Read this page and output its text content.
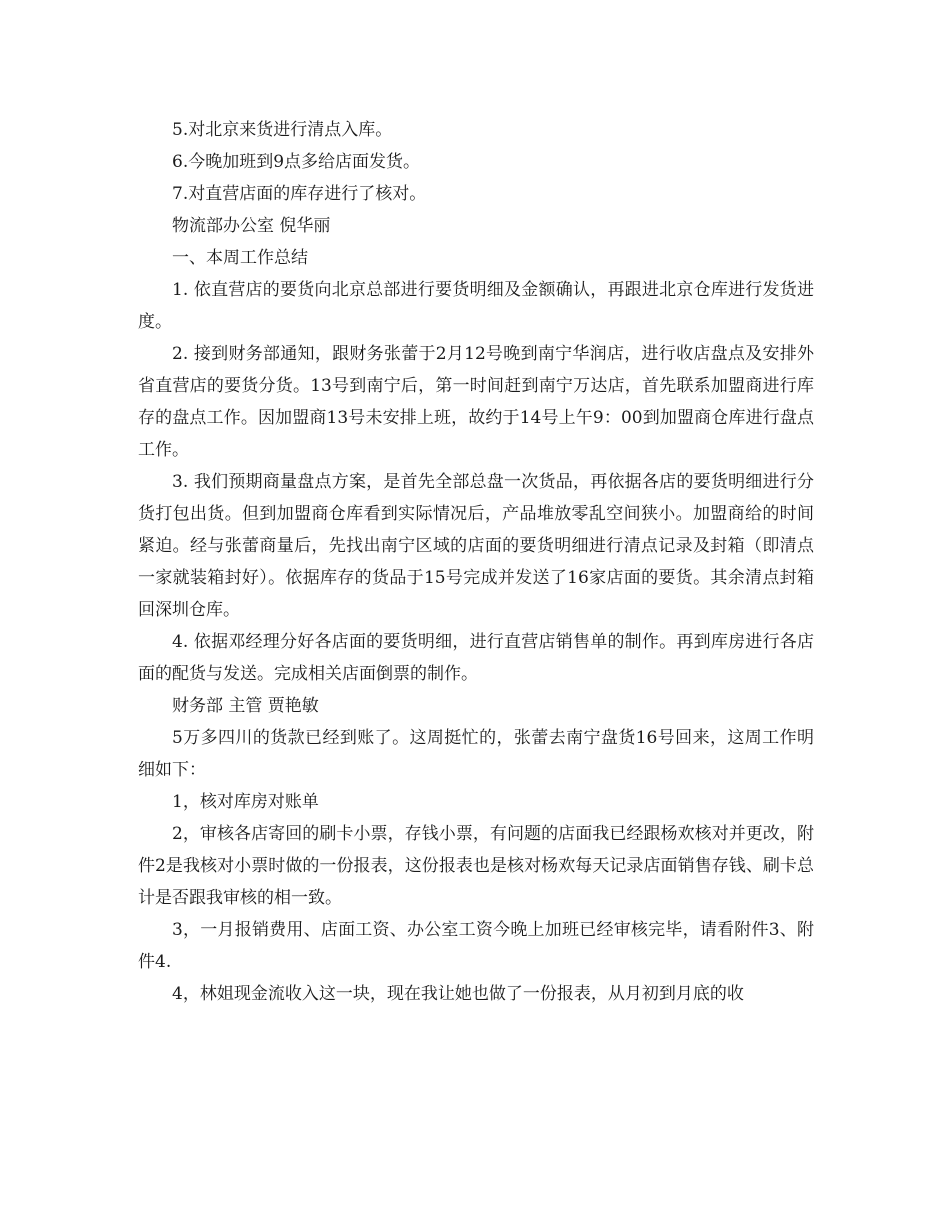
5.对北京来货进行清点入库。

6.今晚加班到9点多给店面发货。

7.对直营店面的库存进行了核对。

物流部办公室 倪华丽

一、本周工作总结

1. 依直营店的要货向北京总部进行要货明细及金额确认，再跟进北京仓库进行发货进度。

2. 接到财务部通知，跟财务张蕾于2月12号晚到南宁华润店，进行收店盘点及安排外省直营店的要货分货。13号到南宁后，第一时间赶到南宁万达店，首先联系加盟商进行库存的盘点工作。因加盟商13号未安排上班，故约于14号上午9：00到加盟商仓库进行盘点工作。

3. 我们预期商量盘点方案，是首先全部总盘一次货品，再依据各店的要货明细进行分货打包出货。但到加盟商仓库看到实际情况后，产品堆放零乱空间狭小。加盟商给的时间紧迫。经与张蕾商量后，先找出南宁区域的店面的要货明细进行清点记录及封箱（即清点一家就装箱封好）。依据库存的货品于15号完成并发送了16家店面的要货。其余清点封箱回深圳仓库。

4. 依据邓经理分好各店面的要货明细，进行直营店销售单的制作。再到库房进行各店面的配货与发送。完成相关店面倒票的制作。

财务部 主管 贾艳敏

5万多四川的货款已经到账了。这周挺忙的，张蕾去南宁盘货16号回来，这周工作明细如下：

1，核对库房对账单

2，审核各店寄回的刷卡小票，存钱小票，有问题的店面我已经跟杨欢核对并更改，附件2是我核对小票时做的一份报表，这份报表也是核对杨欢每天记录店面销售存钱、刷卡总计是否跟我审核的相一致。

3，一月报销费用、店面工资、办公室工资今晚上加班已经审核完毕，请看附件3、附件4.

4，林姐现金流收入这一块，现在我让她也做了一份报表，从月初到月底的收
